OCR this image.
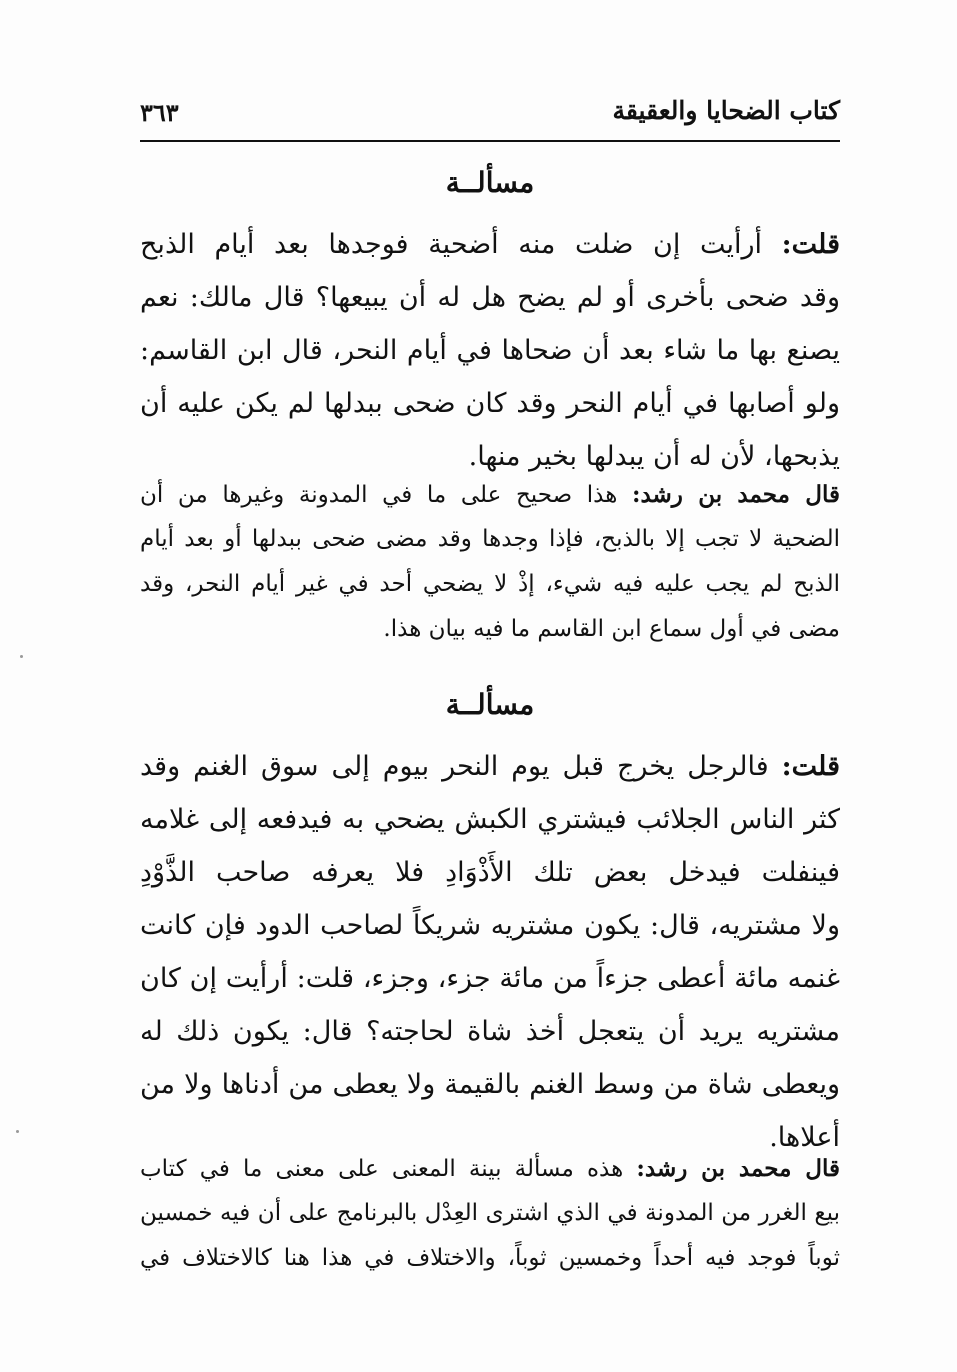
كتاب الضحايا والعقيقة
٣٦٣
مسألــة
قلت: أرأيت إن ضلت منه أضحية فوجدها بعد أيام الذبح
وقد ضحى بأخرى أو لم يضح هل له أن يبيعها؟ قال مالك: نعم
يصنع بها ما شاء بعد أن ضحاها في أيام النحر، قال ابن القاسم:
ولو أصابها في أيام النحر وقد كان ضحى ببدلها لم يكن عليه أن
يذبحها، لأن له أن يبدلها بخير منها.
قال محمد بن رشد: هذا صحيح على ما في المدونة وغيرها من أن
الضحية لا تجب إلا بالذبح، فإذا وجدها وقد مضى ضحى ببدلها أو بعد أيام
الذبح لم يجب عليه فيه شيء، إذْ لا يضحي أحد في غير أيام النحر، وقد
مضى في أول سماع ابن القاسم ما فيه بيان هذا.
مسألــة
قلت: فالرجل يخرج قبل يوم النحر بيوم إلى سوق الغنم وقد
كثر الناس الجلائب فيشتري الكبش يضحي به فيدفعه إلى غلامه
فينفلت فيدخل بعض تلك الأَذْوَادِ فلا يعرفه صاحب الذَّوْدِ
ولا مشتريه، قال: يكون مشتريه شريكاً لصاحب الدود فإن كانت
غنمه مائة أعطى جزءاً من مائة جزء، وجزء، قلت: أرأيت إن كان
مشتريه يريد أن يتعجل أخذ شاة لحاجته؟ قال: يكون ذلك له
ويعطى شاة من وسط الغنم بالقيمة ولا يعطى من أدناها ولا من
أعلاها.
قال محمد بن رشد: هذه مسألة بينة المعنى على معنى ما في كتاب
بيع الغرر من المدونة في الذي اشترى العِدْل بالبرنامج على أن فيه خمسين
ثوباً فوجد فيه أحداً وخمسين ثوباً، والاختلاف في هذا هنا كالاختلاف في
